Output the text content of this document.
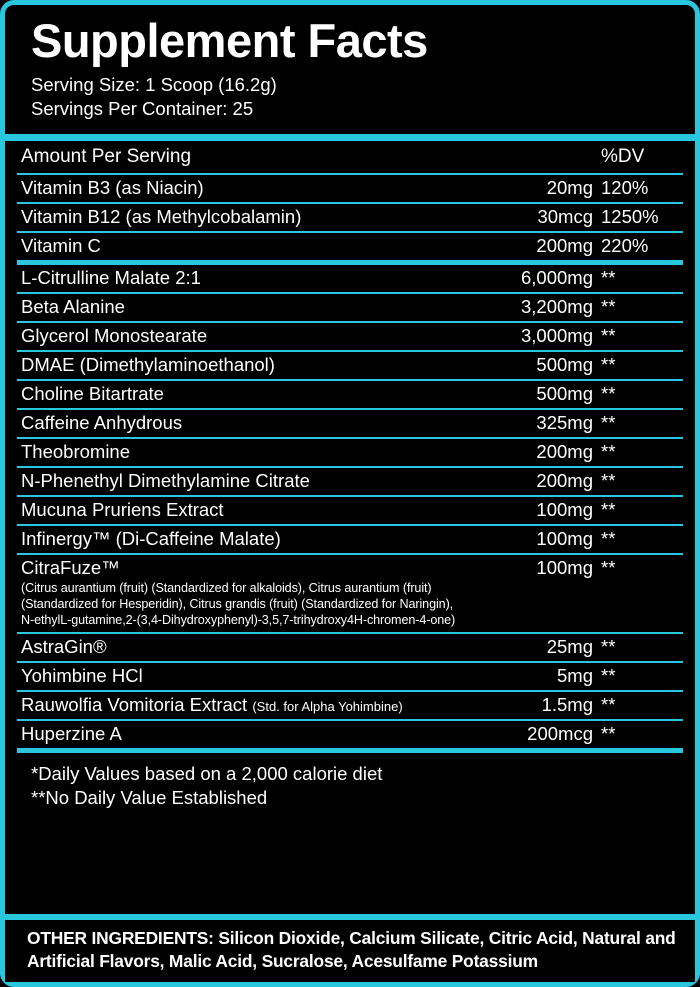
Supplement Facts
Serving Size: 1 Scoop (16.2g)
Servings Per Container: 25
Amount Per Serving		%DV
Vitamin B3 (as Niacin)	20mg	120%
Vitamin B12 (as Methylcobalamin)	30mcg	1250%
Vitamin C	200mg	220%
L-Citrulline Malate 2:1	6,000mg	**
Beta Alanine	3,200mg	**
Glycerol Monostearate	3,000mg	**
DMAE (Dimethylaminoethanol)	500mg	**
Choline Bitartrate	500mg	**
Caffeine Anhydrous	325mg	**
Theobromine	200mg	**
N-Phenethyl Dimethylamine Citrate	200mg	**
Mucuna Pruriens Extract	100mg	**
Infinergy™ (Di-Caffeine Malate)	100mg	**
CitraFuze™
(Citrus aurantium (fruit) (Standardized for alkaloids), Citrus aurantium (fruit) (Standardized for Hesperidin), Citrus grandis (fruit) (Standardized for Naringin), N-ethylL-gutamine,2-(3,4-Dihydroxyphenyl)-3,5,7-trihydroxy4H-chromen-4-one)	100mg	**
AstraGin®	25mg	**
Yohimbine HCl	5mg	**
Rauwolfia Vomitoria Extract (Std. for Alpha Yohimbine)	1.5mg	**
Huperzine A	200mcg	**
*Daily Values based on a 2,000 calorie diet
**No Daily Value Established
OTHER INGREDIENTS: Silicon Dioxide, Calcium Silicate, Citric Acid, Natural and Artificial Flavors, Malic Acid, Sucralose, Acesulfame Potassium
